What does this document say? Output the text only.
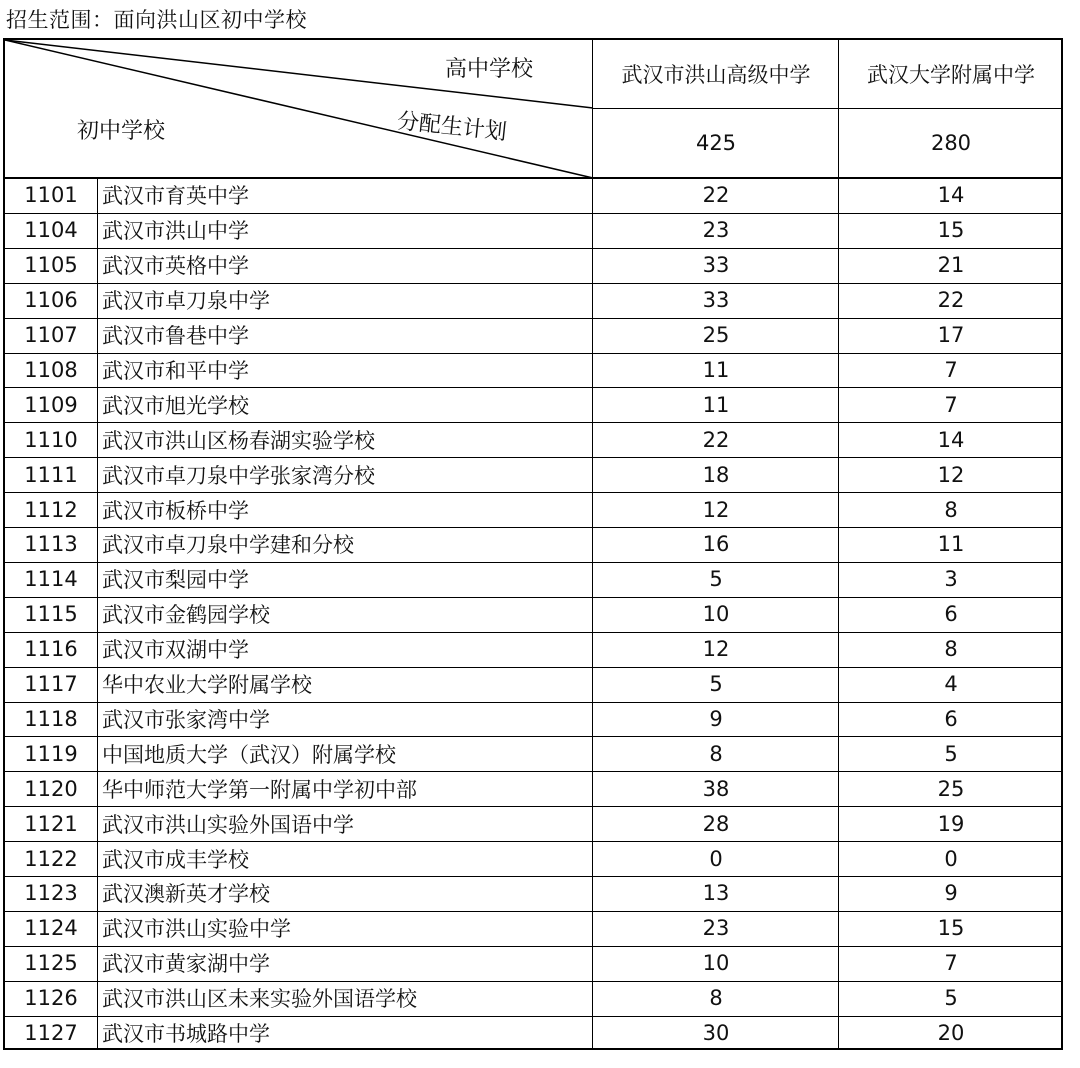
招生范围：面向洪山区初中学校
高中学校
分配生计划
初中学校
武汉市洪山高级中学	武汉大学附属中学
425	280
1101	武汉市育英中学	22	14
1104	武汉市洪山中学	23	15
1105	武汉市英格中学	33	21
1106	武汉市卓刀泉中学	33	22
1107	武汉市鲁巷中学	25	17
1108	武汉市和平中学	11	7
1109	武汉市旭光学校	11	7
1110	武汉市洪山区杨春湖实验学校	22	14
1111	武汉市卓刀泉中学张家湾分校	18	12
1112	武汉市板桥中学	12	8
1113	武汉市卓刀泉中学建和分校	16	11
1114	武汉市梨园中学	5	3
1115	武汉市金鹤园学校	10	6
1116	武汉市双湖中学	12	8
1117	华中农业大学附属学校	5	4
1118	武汉市张家湾中学	9	6
1119	中国地质大学（武汉）附属学校	8	5
1120	华中师范大学第一附属中学初中部	38	25
1121	武汉市洪山实验外国语中学	28	19
1122	武汉市成丰学校	0	0
1123	武汉澳新英才学校	13	9
1124	武汉市洪山实验中学	23	15
1125	武汉市黄家湖中学	10	7
1126	武汉市洪山区未来实验外国语学校	8	5
1127	武汉市书城路中学	30	20
